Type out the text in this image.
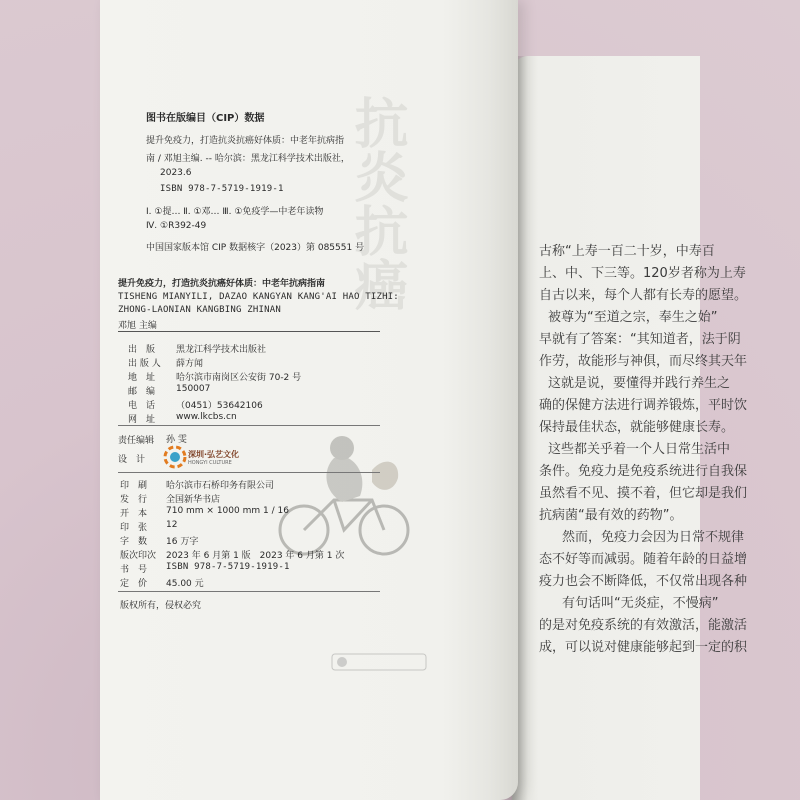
抗炎抗癌
图书在版编目（CIP）数据
提升免疫力，打造抗炎抗癌好体质：中老年抗病指
南 / 邓旭主编. -- 哈尔滨：黑龙江科学技术出版社，
2023.6
ISBN 978-7-5719-1919-1
Ⅰ. ①提… Ⅱ. ①邓… Ⅲ. ①免疫学—中老年读物
Ⅳ. ①R392-49
中国国家版本馆 CIP 数据核字（2023）第 085551 号
提升免疫力，打造抗炎抗癌好体质：中老年抗病指南
TISHENG MIANYILI, DAZAO KANGYAN KANG'AI HAO TIZHI:
ZHONG-LAONIAN KANGBING ZHINAN
邓旭 主编
出　版 黑龙江科学技术出版社
出 版 人 薛方闻
地　址 哈尔滨市南岗区公安街 70-2 号
邮　编 150007
电　话 （0451）53642106
网　址 www.lkcbs.cn
责任编辑 孙 雯
设　计
深圳·弘艺文化
HONGYI CULTURE
印　刷 哈尔滨市石桥印务有限公司
发　行 全国新华书店
开　本 710 mm × 1000 mm 1 / 16
印　张 12
字　数 16 万字
版次印次 2023 年 6 月第 1 版　2023 年 6 月第 1 次
书　号 ISBN 978-7-5719-1919-1
定　价 45.00 元
版权所有，侵权必究
古称“上寿一百二十岁，中寿百
上、中、下三等。120岁者称为上寿
自古以来，每个人都有长寿的愿望。
被尊为“至道之宗，奉生之始”
早就有了答案：“其知道者，法于阴
作劳，故能形与神俱，而尽终其天年
这就是说，要懂得并践行养生之
确的保健方法进行调养锻炼，平时饮
保持最佳状态，就能够健康长寿。
这些都关乎着一个人日常生活中
条件。免疫力是免疫系统进行自我保
虽然看不见、摸不着，但它却是我们
抗病菌“最有效的药物”。
然而，免疫力会因为日常不规律
态不好等而减弱。随着年龄的日益增
疫力也会不断降低，不仅常出现各种
有句话叫“无炎症，不慢病”
的是对免疫系统的有效激活，能激活
成，可以说对健康能够起到一定的积
